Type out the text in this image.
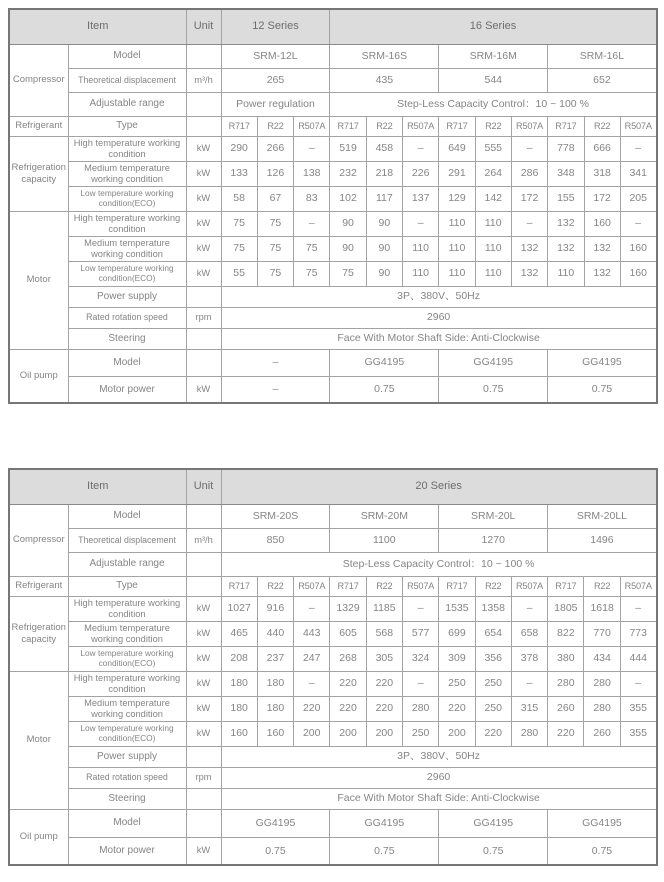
Item		Unit	12 Series			16 Series								
Compressor	Model		SRM-12L			SRM-16S			SRM-16M			SRM-16L		
	Theoretical displacement	m³/h	265			435			544			652		
	Adjustable range		Power regulation			Step-Less Capacity Control：10 ~ 100 %								
Refrigerant	Type		R717	R22	R507A	R717	R22	R507A	R717	R22	R507A	R717	R22	R507A
Refrigeration capacity	High temperature working condition	kW	290	266	–	519	458	–	649	555	–	778	666	–
	Medium temperature working condition	kW	133	126	138	232	218	226	291	264	286	348	318	341
	Low temperature working condition(ECO)	kW	58	67	83	102	117	137	129	142	172	155	172	205
Motor	High temperature working condition	kW	75	75	–	90	90	–	110	110	–	132	160	–
	Medium temperature working condition	kW	75	75	75	90	90	110	110	110	132	132	132	160
	Low temperature working condition(ECO)	kW	55	75	75	75	90	110	110	110	132	110	132	160
	Power supply		3P、380V、50Hz											
	Rated rotation speed	rpm	2960											
	Steering		Face With Motor Shaft Side: Anti-Clockwise											
Oil pump	Model		–			GG4195			GG4195			GG4195		
	Motor power	kW	–			0.75			0.75			0.75		
Item		Unit	20 Series											
Compressor	Model		SRM-20S			SRM-20M			SRM-20L			SRM-20LL		
	Theoretical displacement	m³/h	850			1100			1270			1496		
	Adjustable range		Step-Less Capacity Control：10 ~ 100 %											
Refrigerant	Type		R717	R22	R507A	R717	R22	R507A	R717	R22	R507A	R717	R22	R507A
Refrigeration capacity	High temperature working condition	kW	1027	916	–	1329	1185	–	1535	1358	–	1805	1618	–
	Medium temperature working condition	kW	465	440	443	605	568	577	699	654	658	822	770	773
	Low temperature working condition(ECO)	kW	208	237	247	268	305	324	309	356	378	380	434	444
Motor	High temperature working condition	kW	180	180	–	220	220	–	250	250	–	280	280	–
	Medium temperature working condition	kW	180	180	220	220	220	280	220	250	315	260	280	355
	Low temperature working condition(ECO)	kW	160	160	200	200	200	250	200	220	280	220	260	355
	Power supply		3P、380V、50Hz											
	Rated rotation speed	rpm	2960											
	Steering		Face With Motor Shaft Side: Anti-Clockwise											
Oil pump	Model		GG4195			GG4195			GG4195			GG4195		
	Motor power	kW	0.75			0.75			0.75			0.75		
